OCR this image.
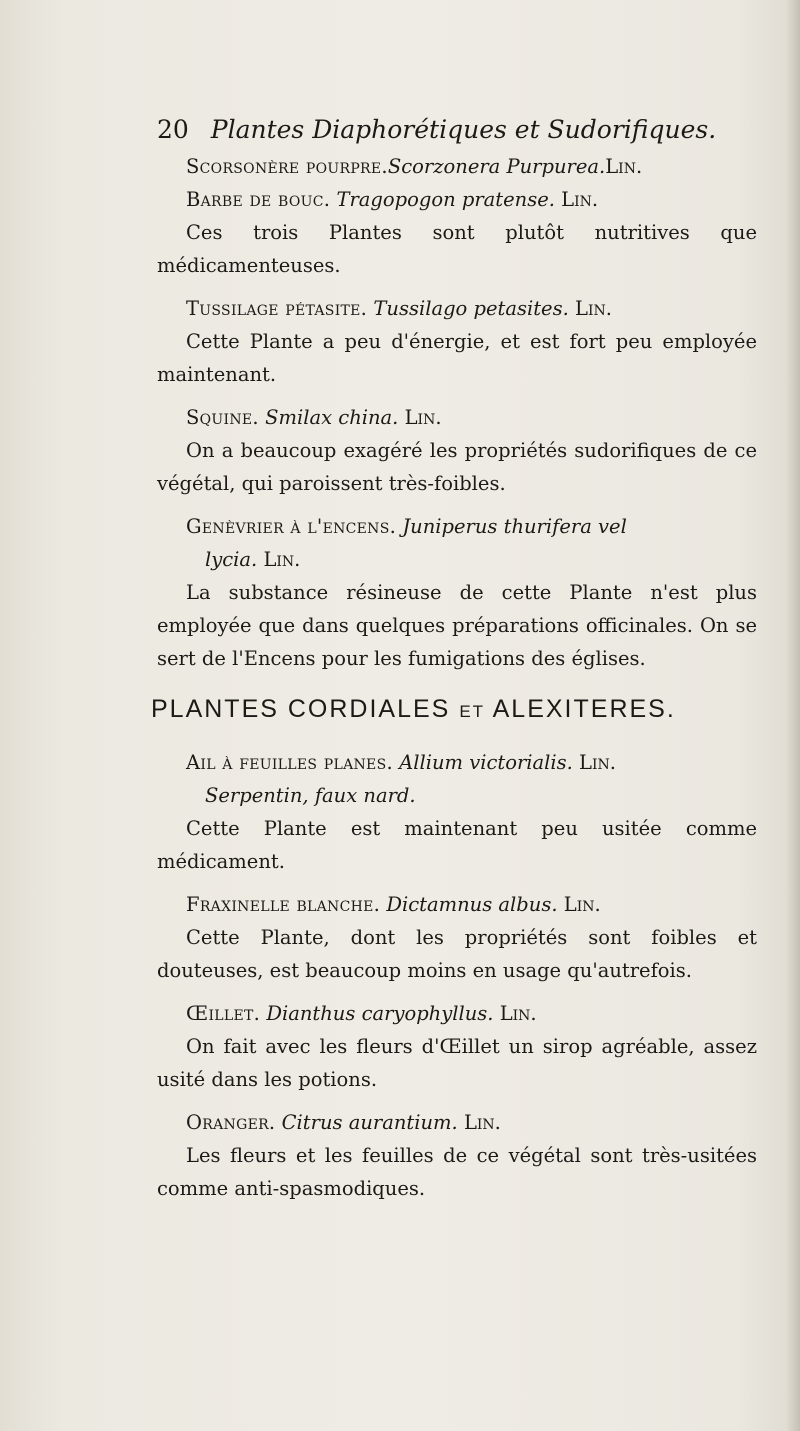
20 Plantes Diaphorétiques et Sudorifiques.
Scorsonère pourpre.Scorzonera Purpurea.Lin.
Barbe de bouc. Tragopogon pratense. Lin.
Ces trois Plantes sont plutôt nutritives que médicamenteuses.
Tussilage pétasite. Tussilago petasites. Lin.
Cette Plante a peu d'énergie, et est fort peu employée maintenant.
Squine. Smilax china. Lin.
On a beaucoup exagéré les propriétés sudorifiques de ce végétal, qui paroissent très-foibles.
Genèvrier à l'encens. Juniperus thurifera vel
lycia. Lin.
La substance résineuse de cette Plante n'est plus employée que dans quelques préparations officinales. On se sert de l'Encens pour les fumigations des églises.
PLANTES CORDIALES ET ALEXITERES.
Ail à feuilles planes. Allium victorialis. Lin.
Serpentin, faux nard.
Cette Plante est maintenant peu usitée comme médicament.
Fraxinelle blanche. Dictamnus albus. Lin.
Cette Plante, dont les propriétés sont foibles et douteuses, est beaucoup moins en usage qu'autrefois.
Œillet. Dianthus caryophyllus. Lin.
On fait avec les fleurs d'Œillet un sirop agréable, assez usité dans les potions.
Oranger. Citrus aurantium. Lin.
Les fleurs et les feuilles de ce végétal sont très-usitées comme anti-spasmodiques.
